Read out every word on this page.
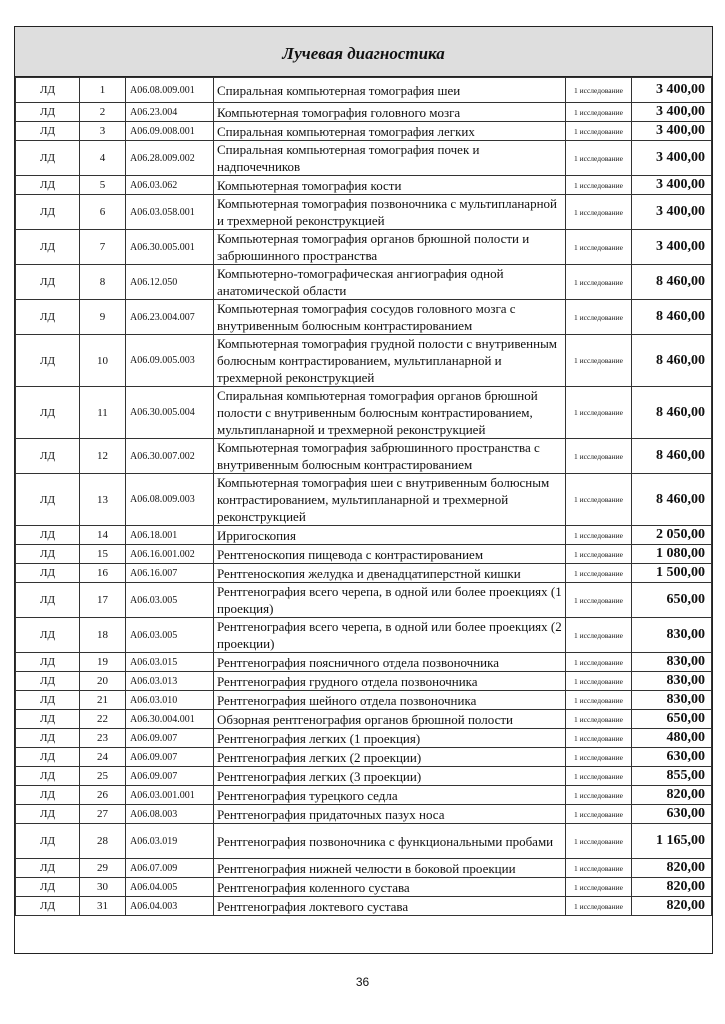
Лучевая диагностика
ЛД	1	A06.08.009.001	Спиральная компьютерная томография шеи	1 исследование	3 400,00
ЛД	2	A06.23.004	Компьютерная томография головного мозга	1 исследование	3 400,00
ЛД	3	A06.09.008.001	Спиральная компьютерная томография легких	1 исследование	3 400,00
ЛД	4	A06.28.009.002	Спиральная компьютерная томография почек и надпочечников	1 исследование	3 400,00
ЛД	5	A06.03.062	Компьютерная томография кости	1 исследование	3 400,00
ЛД	6	A06.03.058.001	Компьютерная томография позвоночника с мультипланарной и трехмерной реконструкцией	1 исследование	3 400,00
ЛД	7	A06.30.005.001	Компьютерная томография органов брюшной полости и забрюшинного пространства	1 исследование	3 400,00
ЛД	8	A06.12.050	Компьютерно-томографическая ангиография одной анатомической области	1 исследование	8 460,00
ЛД	9	A06.23.004.007	Компьютерная томография сосудов головного мозга с внутривенным болюсным контрастированием	1 исследование	8 460,00
ЛД	10	A06.09.005.003	Компьютерная томография грудной полости с внутривенным болюсным контрастированием, мультипланарной и трехмерной реконструкцией	1 исследование	8 460,00
ЛД	11	A06.30.005.004	Спиральная компьютерная томография органов брюшной полости с внутривенным болюсным контрастированием, мультипланарной и трехмерной реконструкцией	1 исследование	8 460,00
ЛД	12	A06.30.007.002	Компьютерная томография забрюшинного пространства с внутривенным болюсным контрастированием	1 исследование	8 460,00
ЛД	13	A06.08.009.003	Компьютерная томография шеи с внутривенным болюсным контрастированием, мультипланарной и трехмерной реконструкцией	1 исследование	8 460,00
ЛД	14	A06.18.001	Ирригоскопия	1 исследование	2 050,00
ЛД	15	A06.16.001.002	Рентгеноскопия пищевода с контрастированием	1 исследование	1 080,00
ЛД	16	A06.16.007	Рентгеноскопия желудка и двенадцатиперстной кишки	1 исследование	1 500,00
ЛД	17	A06.03.005	Рентгенография всего черепа, в одной или более проекциях (1 проекция)	1 исследование	650,00
ЛД	18	A06.03.005	Рентгенография всего черепа, в одной или более проекциях (2 проекции)	1 исследование	830,00
ЛД	19	A06.03.015	Рентгенография поясничного отдела позвоночника	1 исследование	830,00
ЛД	20	A06.03.013	Рентгенография грудного отдела позвоночника	1 исследование	830,00
ЛД	21	A06.03.010	Рентгенография шейного отдела позвоночника	1 исследование	830,00
ЛД	22	A06.30.004.001	Обзорная рентгенография органов брюшной полости	1 исследование	650,00
ЛД	23	A06.09.007	Рентгенография легких (1 проекция)	1 исследование	480,00
ЛД	24	A06.09.007	Рентгенография легких (2 проекции)	1 исследование	630,00
ЛД	25	A06.09.007	Рентгенография легких (3 проекции)	1 исследование	855,00
ЛД	26	A06.03.001.001	Рентгенография турецкого седла	1 исследование	820,00
ЛД	27	A06.08.003	Рентгенография придаточных пазух носа	1 исследование	630,00
ЛД	28	A06.03.019	Рентгенография позвоночника с функциональными пробами	1 исследование	1 165,00
ЛД	29	A06.07.009	Рентгенография нижней челюсти в боковой проекции	1 исследование	820,00
ЛД	30	A06.04.005	Рентгенография коленного сустава	1 исследование	820,00
ЛД	31	A06.04.003	Рентгенография локтевого сустава	1 исследование	820,00
36
